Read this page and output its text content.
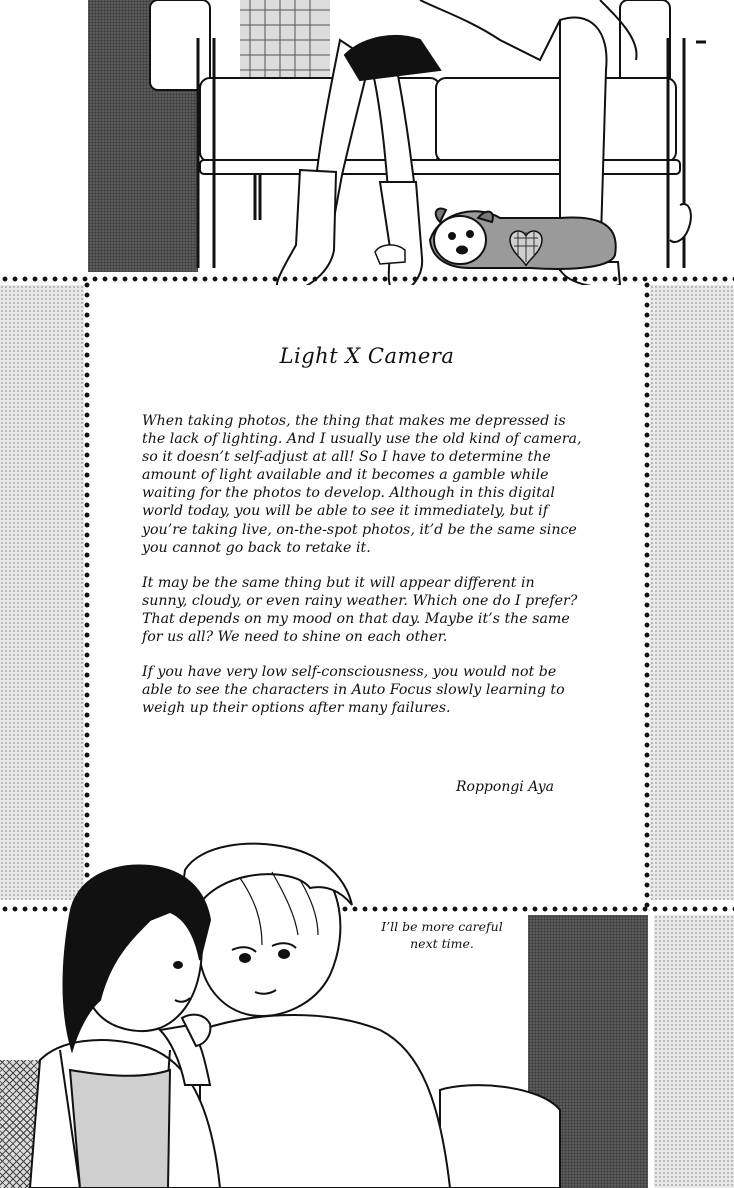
Light X Camera

When taking photos, the thing that makes me depressed is the lack of lighting. And I usually use the old kind of camera, so it doesn’t self-adjust at all! So I have to determine the amount of light available and it becomes a gamble while waiting for the photos to develop. Although in this digital world today, you will be able to see it immediately, but if you’re taking live, on-the-spot photos, it’d be the same since you cannot go back to retake it.

It may be the same thing but it will appear different in sunny, cloudy, or even rainy weather. Which one do I prefer? That depends on my mood on that day. Maybe it’s the same for us all? We need to shine on each other.

If you have very low self-consciousness, you would not be able to see the characters in Auto Focus slowly learning to weigh up their options after many failures.

Roppongi Aya
I’ll be more careful
next time.
